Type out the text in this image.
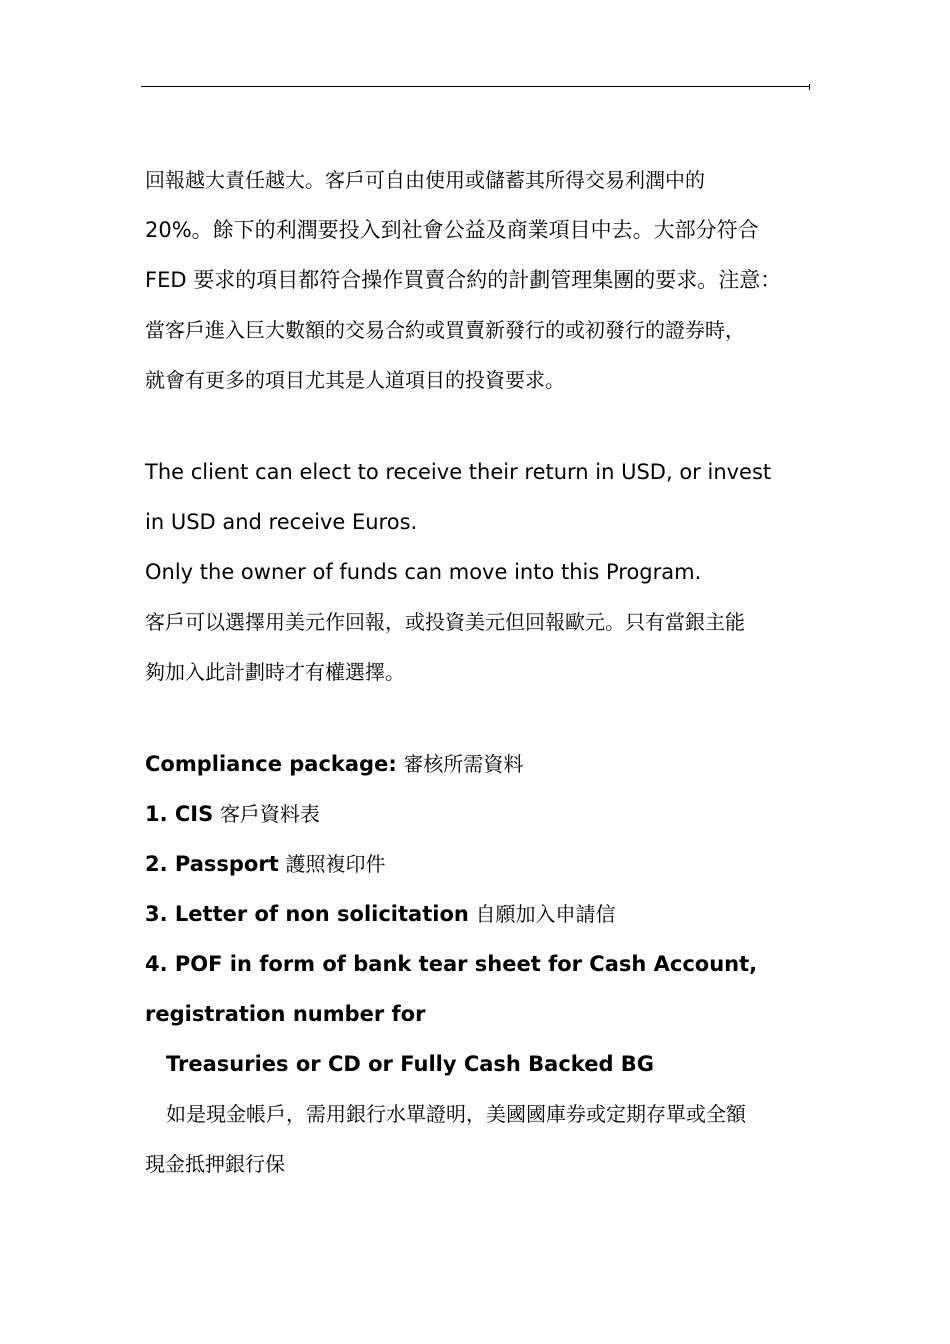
回報越大責任越大。客戶可自由使用或儲蓄其所得交易利潤中的
20%。餘下的利潤要投入到社會公益及商業項目中去。大部分符合
FED 要求的項目都符合操作買賣合約的計劃管理集團的要求。注意：
當客戶進入巨大數額的交易合約或買賣新發行的或初發行的證券時，
就會有更多的項目尤其是人道項目的投資要求。
The client can elect to receive their return in USD, or invest
in USD and receive Euros.
Only the owner of funds can move into this Program.
客戶可以選擇用美元作回報，或投資美元但回報歐元。只有當銀主能
夠加入此計劃時才有權選擇。
Compliance package: 審核所需資料
1. CIS 客戶資料表
2. Passport 護照複印件
3. Letter of non solicitation 自願加入申請信
4. POF in form of bank tear sheet for Cash Account,
registration number for
Treasuries or CD or Fully Cash Backed BG
如是現金帳戶，需用銀行水單證明，美國國庫券或定期存單或全額
現金抵押銀行保
